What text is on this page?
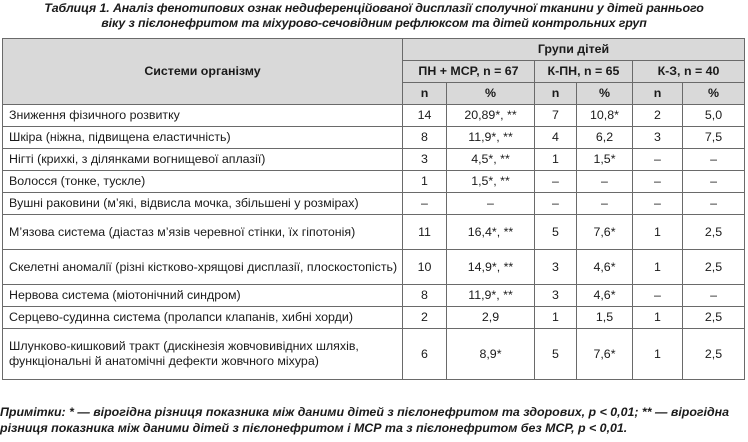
Таблиця 1. Аналіз фенотипових ознак недиференційованої дисплазії сполучної тканини у дітей раннього
віку з пієлонефритом та міхурово-сечовідним рефлюксом та дітей контрольних груп
Системи організму	Групи дітей					
	ПН + МСР, n = 67		К-ПН, n = 65		К-З, n = 40	
	n	%	n	%	n	%
Зниження фізичного розвитку	14	20,89*, **	7	10,8*	2	5,0
Шкіра (ніжна, підвищена еластичність)	8	11,9*, **	4	6,2	3	7,5
Нігті (крихкі, з ділянками вогнищевої аплазії)	3	4,5*, **	1	1,5*	–	–
Волосся (тонке, тускле)	1	1,5*, **	–	–	–	–
Вушні раковини (м’які, відвисла мочка, збільшені у розмірах)	–	–	–	–	–	–
М’язова система (діастаз м’язів черевної стінки, їх гіпотонія)	11	16,4*, **	5	7,6*	1	2,5
Скелетні аномалії (різні кістково-хрящові дисплазії, плоскостопість)	10	14,9*, **	3	4,6*	1	2,5
Нервова система (міотонічний синдром)	8	11,9*, **	3	4,6*	–	–
Серцево-судинна система (пролапси клапанів, хибні хорди)	2	2,9	1	1,5	1	2,5
Шлунково-кишковий тракт (дискінезія жовчовивідних шляхів, функціональні й анатомічні дефекти жовчного міхура)	6	8,9*	5	7,6*	1	2,5
Примітки: * — вірогідна різниця показника між даними дітей з пієлонефритом та здорових, р < 0,01; ** — вірогідна різниця показника між даними дітей з пієлонефритом і МСР та з пієлонефритом без МСР, р < 0,01.
